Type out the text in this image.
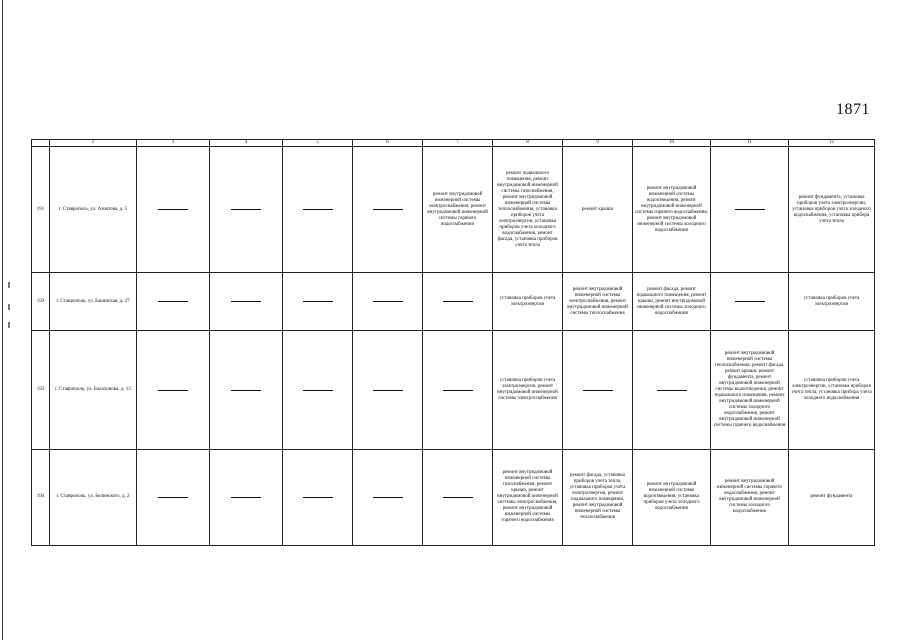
1871
	2	3	4	5	6	7	8	9	10	11	12
191	г. Ставрополь, ул. Азиатова, д. 5					ремонт внутридомовой инженерной системы электроснабжения, ремонт внутридомовой инженерной системы горячего водоснабжения	ремонт подвального помещения, ремонт внутридомовой инженерной системы газоснабжения, ремонт внутридомовой инженерной системы теплоснабжения, установка приборов учета электроэнергии, установка приборов учета холодного водоснабжения, ремонт фасада, установка приборов учета тепла	ремонт крыши	ремонт внутридомовой инженерной системы водоотведения, ремонт внутридомовой инженерной системы горячего водоснабжения, ремонт внутридомовой инженерной системы холодного водоснабжения		ремонт фундамента, установка приборов учета электроэнергии, установка приборов учета холодного водоснабжения, установка прибора учета тепла
192	г. Ставрополь, ул. Бакинская, д. 27						установка приборов учета электроэнергии	ремонт внутридомовой инженерной системы электроснабжения, ремонт внутридомовой инженерной системы теплоснабжения	ремонт фасада, ремонт подвального помещения, ремонт крыши, ремонт внутридомовой инженерной системы холодного водоснабжения		установка приборов учета электроэнергии
193	г. Ставрополь, ул. Балахонова, д. 13						установка приборов учета электроэнергии, ремонт внутридомовой инженерной системы электроснабжения			ремонт внутридомовой инженерной системы теплоснабжения, ремонт фасада, ремонт крыши, ремонт фундамента, ремонт внутридомовой инженерной системы водоотведения, ремонт подвального помещения, ремонт внутридомовой инженерной системы холодного водоснабжения, ремонт внутридомовой инженерной системы горячего водоснабжения	установка приборов учета электроэнергии, установка приборов учета тепла, установка прибора учета холодного водоснабжения
194	г. Ставрополь, ул. Белинского, д. 2						ремонт внутридомовой инженерной системы газоснабжения, ремонт крыши, ремонт внутридомовой инженерной системы электроснабжения, ремонт внутридомовой инженерной системы горячего водоснабжения	ремонт фасада, установка приборов учета тепла, установка приборов учета электроэнергии, ремонт подвального помещения, ремонт внутридомовой инженерной системы теплоснабжения	ремонт внутридомовой инженерной системы водоотведения, установка приборов учета холодного водоснабжения	ремонт внутридомовой инженерной системы горячего водоснабжения, ремонт внутридомовой инженерной системы холодного водоснабжения	ремонт фундамента
